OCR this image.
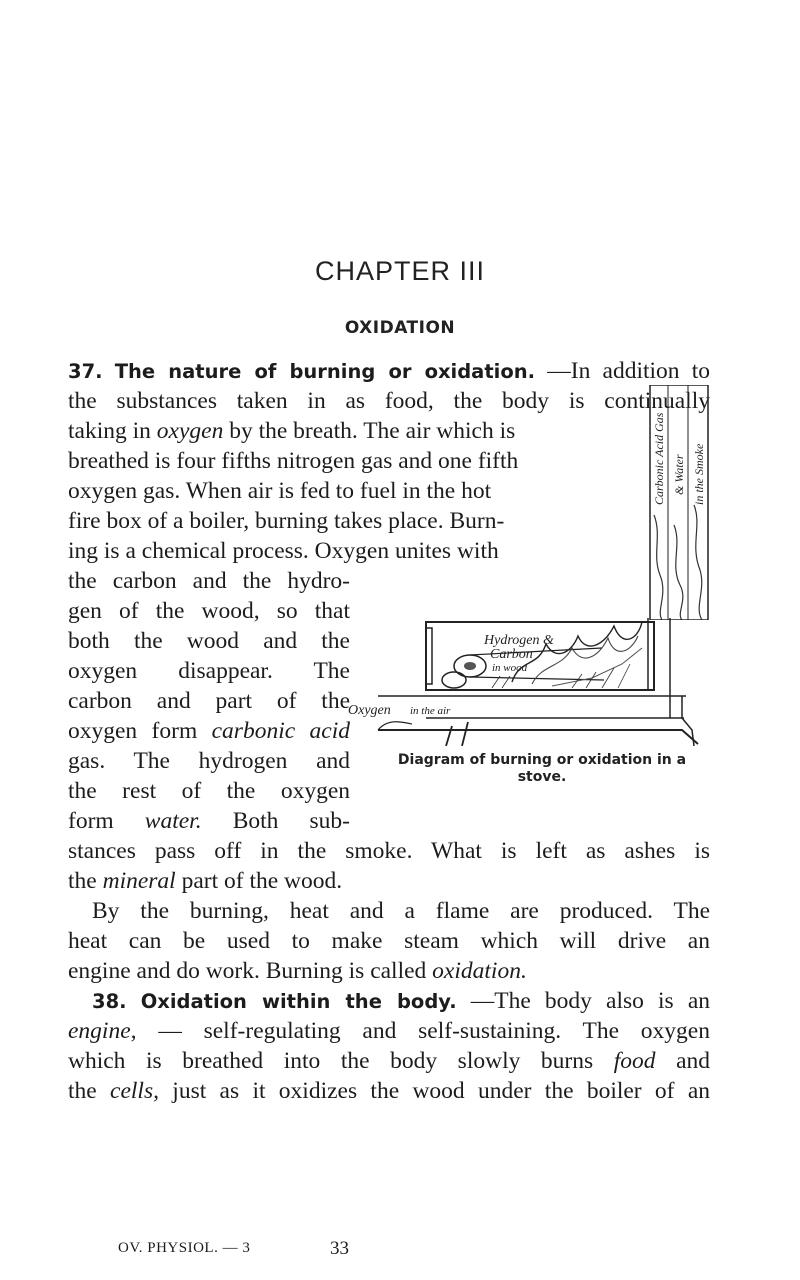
CHAPTER III
OXIDATION
37. The nature of burning or oxidation. —In addition to
the substances taken in as food, the body is continually
taking in oxygen by the breath. The air which is
breathed is four fifths nitrogen gas and one fifth
oxygen gas. When air is fed to fuel in the hot
fire box of a boiler, burning takes place. Burn-
ing is a chemical process. Oxygen unites with
the carbon and the hydro-
gen of the wood, so that
both the wood and the
oxygen disappear. The
carbon and part of the
oxygen form carbonic acid
gas. The hydrogen and
the rest of the oxygen
form water. Both sub-
stances pass off in the smoke. What is left as ashes is
the mineral part of the wood.
By the burning, heat and a flame are produced. The
heat can be used to make steam which will drive an
engine and do work. Burning is called oxidation.
38. Oxidation within the body. —The body also is an
engine, — self-regulating and self-sustaining. The oxygen
which is breathed into the body slowly burns food and
the cells, just as it oxidizes the wood under the boiler of an
Carbonic Acid Gas & Water in the Smoke
Hydrogen &
Carbon
in wood
Oxygen in the air
Diagram of burning or oxidation in a stove.
OV. PHYSIOL. — 3	33
